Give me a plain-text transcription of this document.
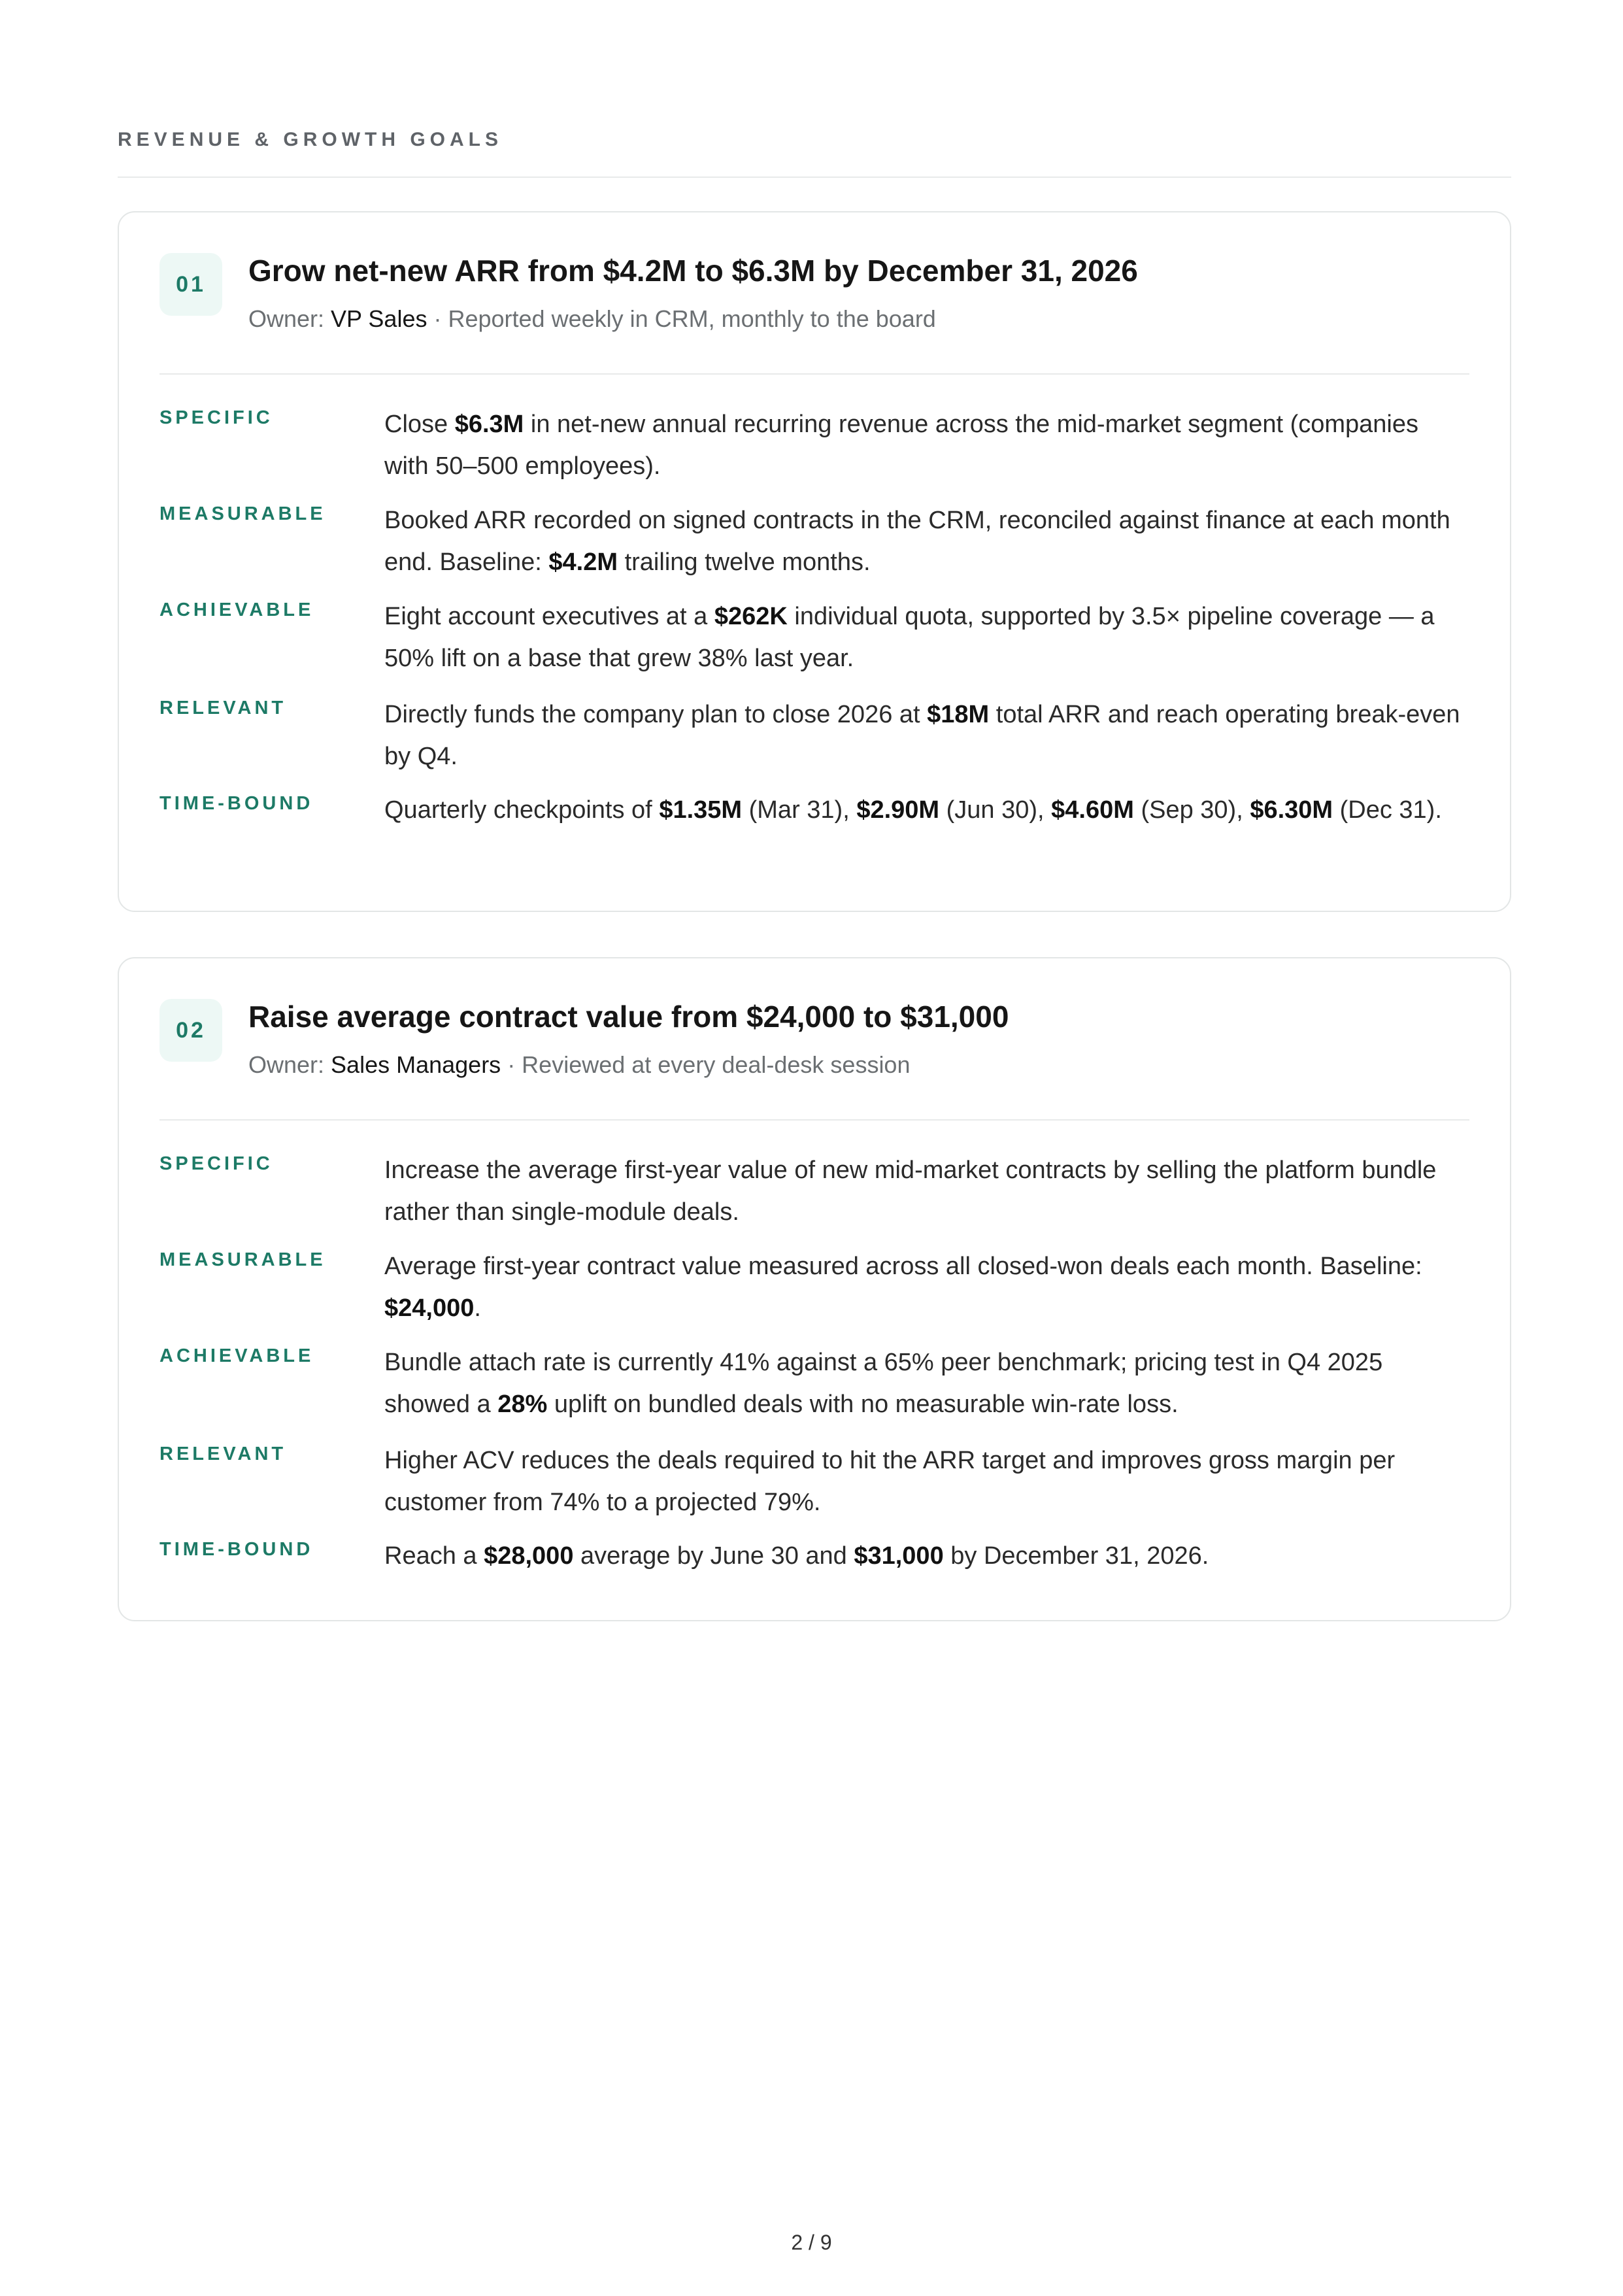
REVENUE & GROWTH GOALS
01	Grow net-new ARR from $4.2M to $6.3M by December 31, 2026
Owner: VP Sales · Reported weekly in CRM, monthly to the board
SPECIFIC	Close $6.3M in net-new annual recurring revenue across the mid-market segment (companies with 50–500 employees).
MEASURABLE Booked ARR recorded on signed contracts in the CRM, reconciled against finance at each month end. Baseline: $4.2M trailing twelve months.
ACHIEVABLE	Eight account executives at a $262K individual quota, supported by 3.5× pipeline coverage — a 50% lift on a base that grew 38% last year.
RELEVANT	Directly funds the company plan to close 2026 at $18M total ARR and reach operating break-even by Q4.
TIME-BOUND	Quarterly checkpoints of $1.35M (Mar 31), $2.90M (Jun 30), $4.60M (Sep 30), $6.30M (Dec 31).
02	Raise average contract value from $24,000 to $31,000
Owner: Sales Managers · Reviewed at every deal-desk session
SPECIFIC	Increase the average first-year value of new mid-market contracts by selling the platform bundle rather than single-module deals.
MEASURABLE Average first-year contract value measured across all closed-won deals each month. Baseline: $24,000.
ACHIEVABLE	Bundle attach rate is currently 41% against a 65% peer benchmark; pricing test in Q4 2025 showed a 28% uplift on bundled deals with no measurable win-rate loss.
RELEVANT	Higher ACV reduces the deals required to hit the ARR target and improves gross margin per customer from 74% to a projected 79%.
TIME-BOUND	Reach a $28,000 average by June 30 and $31,000 by December 31, 2026.
2 / 9
